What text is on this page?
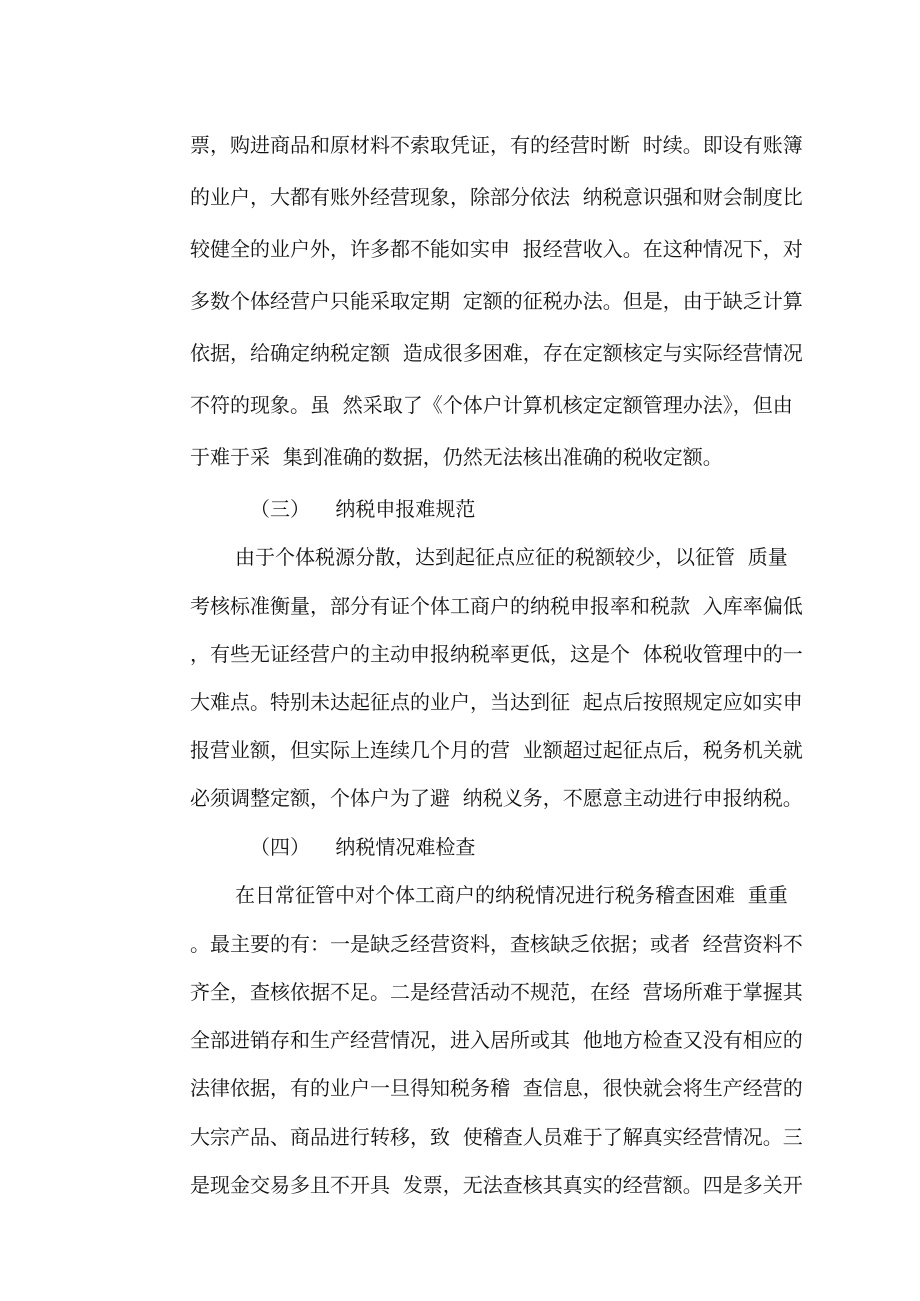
票，购进商品和原材料不索取凭证，有的经营时断  时续。即设有账簿
的业户，大都有账外经营现象，除部分依法  纳税意识强和财会制度比
较健全的业户外，许多都不能如实申  报经营收入。在这种情况下，对
多数个体经营户只能采取定期  定额的征税办法。但是，由于缺乏计算
依据，给确定纳税定额  造成很多困难，存在定额核定与实际经营情况
不符的现象。虽  然采取了《个体户计算机核定定额管理办法》，但由
于难于采  集到准确的数据，仍然无法核出准确的税收定额。
（三）    纳税申报难规范
由于个体税源分散，达到起征点应征的税额较少，以征管  质量
考核标准衡量，部分有证个体工商户的纳税申报率和税款  入库率偏低
，有些无证经营户的主动申报纳税率更低，这是个  体税收管理中的一
大难点。特别未达起征点的业户，当达到征  起点后按照规定应如实申
报营业额，但实际上连续几个月的营  业额超过起征点后，税务机关就
必须调整定额，个体户为了避  纳税义务，不愿意主动进行申报纳税。
（四）    纳税情况难检查
在日常征管中对个体工商户的纳税情况进行税务稽查困难  重重
。最主要的有：一是缺乏经营资料，查核缺乏依据；或者  经营资料不
齐全，查核依据不足。二是经营活动不规范，在经  营场所难于掌握其
全部进销存和生产经营情况，进入居所或其  他地方检查又没有相应的
法律依据，有的业户一旦得知税务稽  查信息，很快就会将生产经营的
大宗产品、商品进行转移，致  使稽查人员难于了解真实经营情况。三
是现金交易多且不开具  发票，无法查核其真实的经营额。四是多关开
